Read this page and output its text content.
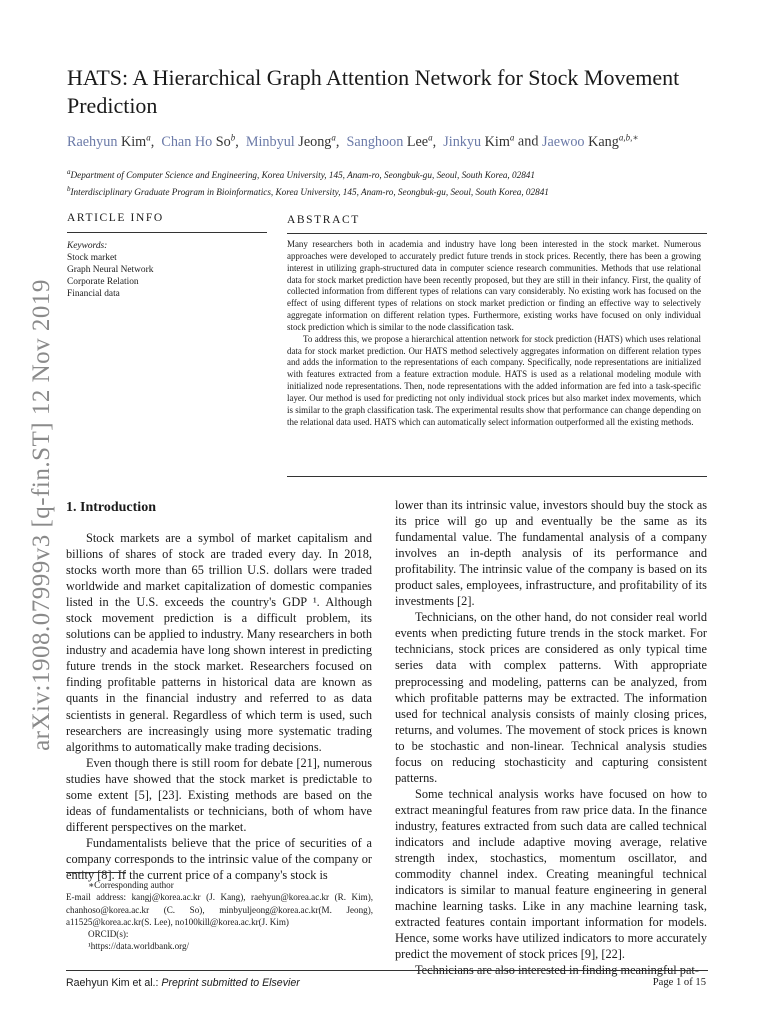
arXiv:1908.07999v3 [q-fin.ST] 12 Nov 2019
HATS: A Hierarchical Graph Attention Network for Stock Movement Prediction
Raehyun Kim$^a$, Chan Ho So$^b$, Minbyul Jeong$^a$, Sanghoon Lee$^a$, Jinkyu Kim$^a$ and Jaewoo Kang$^{a,b,∗}$
$^a$Department of Computer Science and Engineering, Korea University, 145, Anam-ro, Seongbuk-gu, Seoul, South Korea, 02841
$^b$Interdisciplinary Graduate Program in Bioinformatics, Korea University, 145, Anam-ro, Seongbuk-gu, Seoul, South Korea, 02841
ARTICLE INFO	ABSTRACT
Keywords:
Stock market
Graph Neural Network
Corporate Relation
Financial data

Many researchers both in academia and industry have long been interested in the stock market. Numerous approaches were developed to accurately predict future trends in stock prices. Recently, there has been a growing interest in utilizing graph-structured data in computer science research communities. Methods that use relational data for stock market prediction have been recently proposed, but they are still in their infancy. First, the quality of collected information from different types of relations can vary considerably. No existing work has focused on the effect of using different types of relations on stock market prediction or finding an effective way to selectively aggregate information on different relation types. Furthermore, existing works have focused on only individual stock prediction which is similar to the node classification task.

To address this, we propose a hierarchical attention network for stock prediction (HATS) which uses relational data for stock market prediction. Our HATS method selectively aggregates information on different relation types and adds the information to the representations of each company. Specifically, node representations are initialized with features extracted from a feature extraction module. HATS is used as a relational modeling module with initialized node representations. Then, node representations with the added information are fed into a task-specific layer. Our method is used for predicting not only individual stock prices but also market index movements, which is similar to the graph classification task. The experimental results show that performance can change depending on the relational data used. HATS which can automatically select information outperformed all the existing methods.

1. Introduction

Stock markets are a symbol of market capitalism and billions of shares of stock are traded every day. In 2018, stocks worth more than 65 trillion U.S. dollars were traded worldwide and market capitalization of domestic companies listed in the U.S. exceeds the country's GDP ¹. Although stock movement prediction is a difficult problem, its solutions can be applied to industry. Many researchers in both industry and academia have long shown interest in predicting future trends in the stock market. Researchers focused on finding profitable patterns in historical data are known as quants in the financial industry and referred to as data scientists in general. Regardless of which term is used, such researchers are increasingly using more systematic trading algorithms to automatically make trading decisions.

Even though there is still room for debate [21], numerous studies have showed that the stock market is predictable to some extent [5], [23]. Existing methods are based on the ideas of fundamentalists or technicians, both of whom have different perspectives on the market.

Fundamentalists believe that the price of securities of a company corresponds to the intrinsic value of the company or entity [8]. If the current price of a company's stock is

lower than its intrinsic value, investors should buy the stock as its price will go up and eventually be the same as its fundamental value. The fundamental analysis of a company involves an in-depth analysis of its performance and profitability. The intrinsic value of the company is based on its product sales, employees, infrastructure, and profitability of its investments [2].

Technicians, on the other hand, do not consider real world events when predicting future trends in the stock market. For technicians, stock prices are considered as only typical time series data with complex patterns. With appropriate preprocessing and modeling, patterns can be analyzed, from which profitable patterns may be extracted. The information used for technical analysis consists of mainly closing prices, returns, and volumes. The movement of stock prices is known to be stochastic and non-linear. Technical analysis studies focus on reducing stochasticity and capturing consistent patterns.

Some technical analysis works have focused on how to extract meaningful features from raw price data. In the finance industry, features extracted from such data are called technical indicators and include adaptive moving average, relative strength index, stochastics, momentum oscillator, and commodity channel index. Creating meaningful technical indicators is similar to manual feature engineering in general machine learning tasks. Like in any machine learning task, extracted features contain important information for models. Hence, some works have utilized indicators to more accurately predict the movement of stock prices [9], [22].

Technicians are also interested in finding meaningful pat-

∗Corresponding author

E-mail address: kangj@korea.ac.kr (J. Kang), raehyun@korea.ac.kr (R. Kim), chanhoso@korea.ac.kr (C. So), minbyuljeong@korea.ac.kr(M. Jeong), a11525@korea.ac.kr(S. Lee), no100kill@korea.ac.kr(J. Kim)

ORCID(s):

¹https://data.worldbank.org/

Raehyun Kim et al.: Preprint submitted to Elsevier	Page 1 of 15
